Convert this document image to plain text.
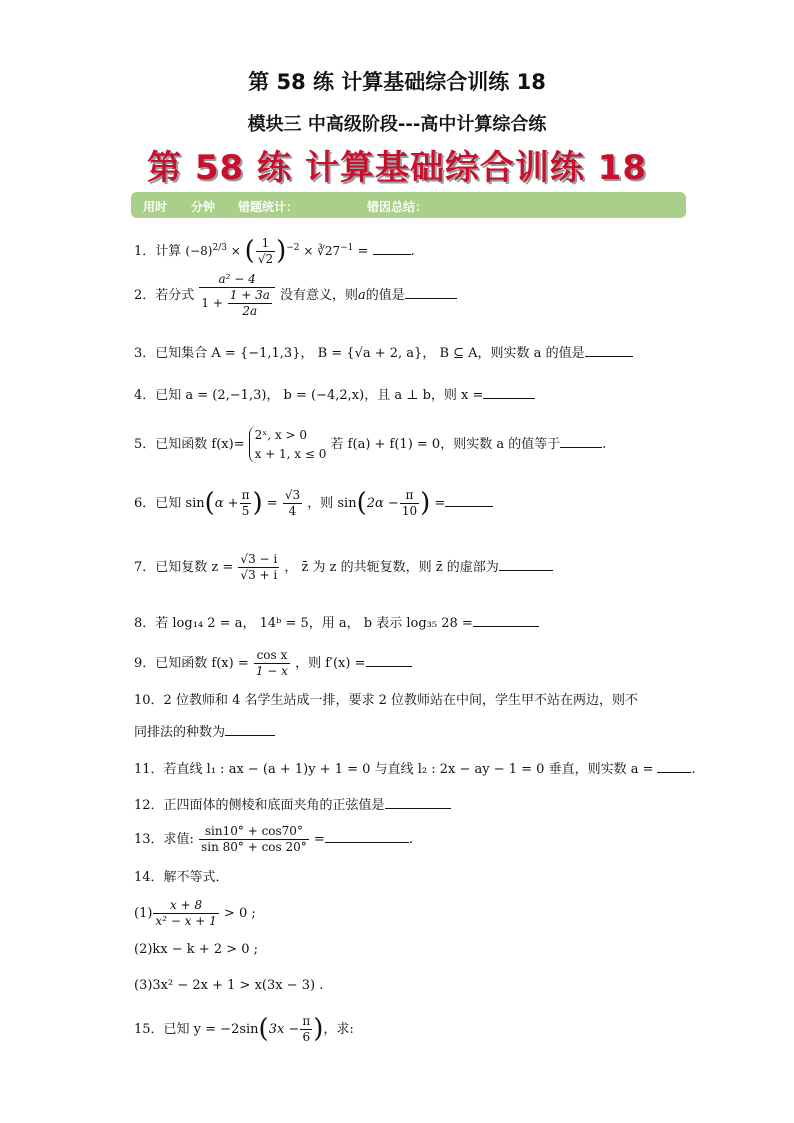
第 58 练 计算基础综合训练 18
模块三 中高级阶段---高中计算综合练
第 58 练 计算基础综合训练 18
用时 分钟 错题统计：	错因总结：
1．计算 $(-8)^{2/3}$ × ( $\frac{1}{√2} )^{-2}$ × $∛27^{-1}$ =	.
2．若分式 $\frac{\text{a² − 4}}{1 + \frac{1 + 3a}{2a}}$ 没有意义，则a的值是
3．已知集合 A = {−1,1,3}， B = {√a + 2, a}， B ⊆ A，则实数 a 的值是
4．已知 a = (2,−1,3)， b = (−4,2,x)，且 a ⊥ b，则 x =
5．已知函数 f(x)=2ˣ, x > 0
x + 1, x ≤ 0 若 f(a) + f(1) = 0，则实数 a 的值等于	.
6．已知 $\sin(\alpha + \frac{\pi}{5}$ ) = $\frac{√3}{4}$ ，则 $\sin(2\alpha - \frac{\pi}{10}$ ) =
7．已知复数 $z = \frac{√3 - i}{√3 + i}$ ， z̄ 为 z 的共轭复数，则 z̄ 的虚部为
8．若 log₁₄ 2 = a， 14ᵇ = 5，用 a， b 表示 log₃₅ 28 =
9．已知函数 $f(x) = \frac{\text{cos x}}{1 - x}$ ，则 f′(x) =
10．2 位教师和 4 名学生站成一排，要求 2 位教师站在中间，学生甲不站在两边，则不
同排法的种数为
11．若直线 l₁ : ax − (a + 1)y + 1 = 0 与直线 l₂ : 2x − ay − 1 = 0 垂直，则实数 a =	.
12．正四面体的侧棱和底面夹角的正弦值是
13．求值: $\frac{\sin 10^\circ + \cos 70^\circ}{\sin 80^\circ + \cos 20^\circ}$ =	.
14．解不等式．
$(1) \frac{x + 8}{\text{x² − x + 1}} > 0$ ;
(2)kx − k + 2 > 0 ;
(3)3x² − 2x + 1 > x(3x − 3) .
15．已知 $y = -2\sin(3x - \frac{\pi}{6}$ )，求:
